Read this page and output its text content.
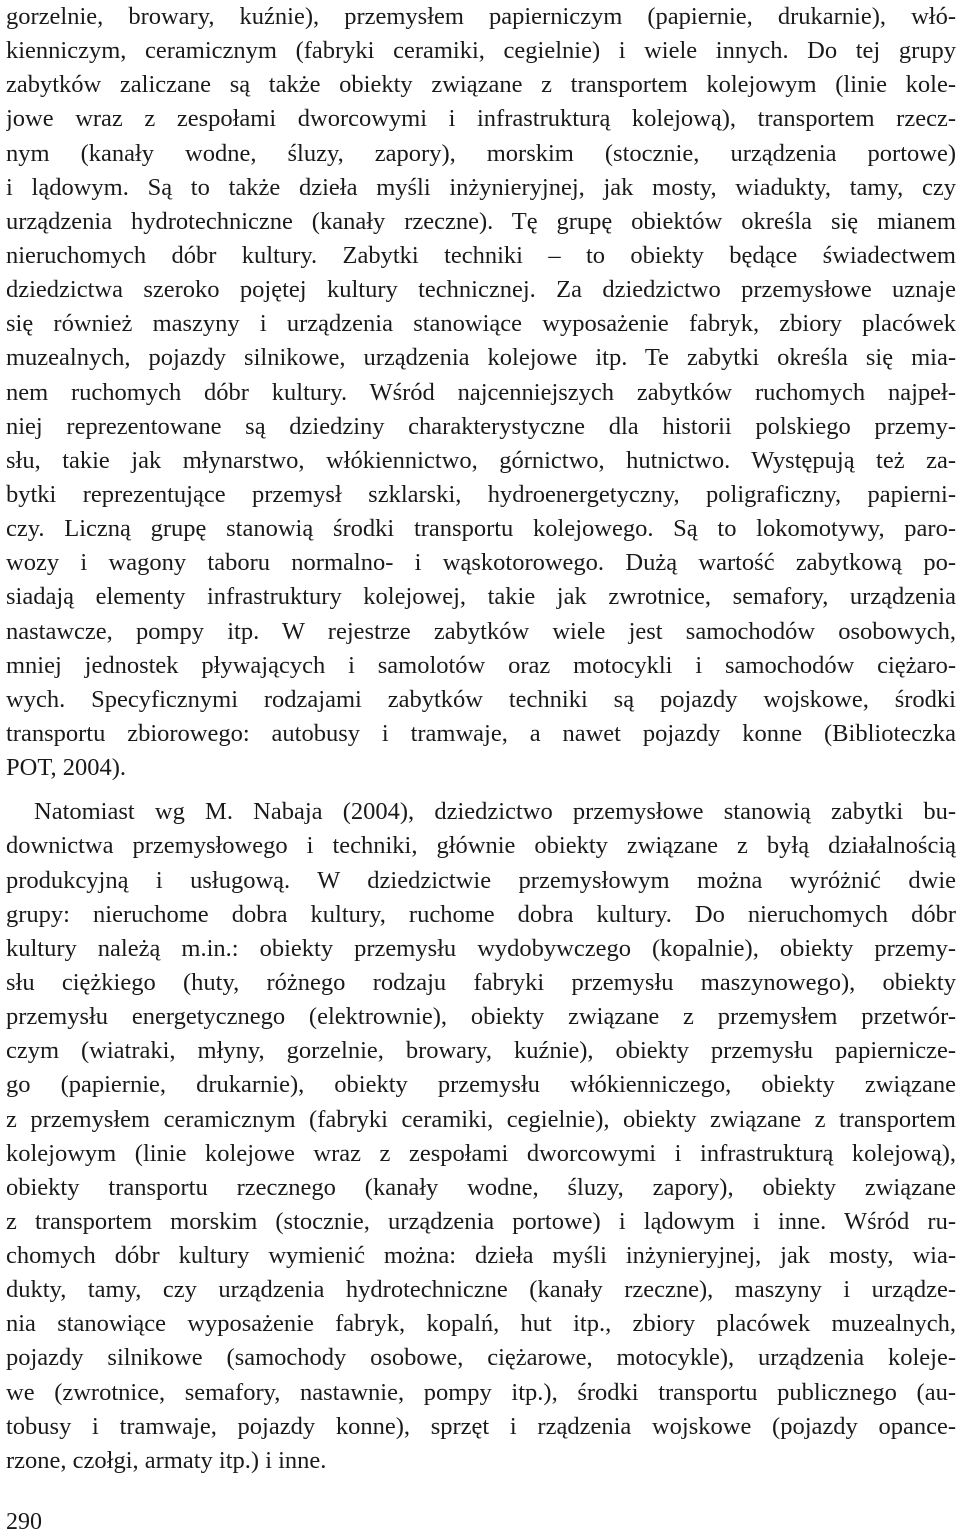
gorzelnie, browary, kuźnie), przemysłem papierniczym (papiernie, drukarnie), włó-
kienniczym, ceramicznym (fabryki ceramiki, cegielnie) i wiele innych. Do tej grupy
zabytków zaliczane są także obiekty związane z transportem kolejowym (linie kole-
jowe wraz z zespołami dworcowymi i infrastrukturą kolejową), transportem rzecz-
nym (kanały wodne, śluzy, zapory), morskim (stocznie, urządzenia portowe)
i lądowym. Są to także dzieła myśli inżynieryjnej, jak mosty, wiadukty, tamy, czy
urządzenia hydrotechniczne (kanały rzeczne). Tę grupę obiektów określa się mianem
nieruchomych dóbr kultury. Zabytki techniki – to obiekty będące świadectwem
dziedzictwa szeroko pojętej kultury technicznej. Za dziedzictwo przemysłowe uznaje
się również maszyny i urządzenia stanowiące wyposażenie fabryk, zbiory placówek
muzealnych, pojazdy silnikowe, urządzenia kolejowe itp. Te zabytki określa się mia-
nem ruchomych dóbr kultury. Wśród najcenniejszych zabytków ruchomych najpeł-
niej reprezentowane są dziedziny charakterystyczne dla historii polskiego przemy-
słu, takie jak młynarstwo, włókiennictwo, górnictwo, hutnictwo. Występują też za-
bytki reprezentujące przemysł szklarski, hydroenergetyczny, poligraficzny, papierni-
czy. Liczną grupę stanowią środki transportu kolejowego. Są to lokomotywy, paro-
wozy i wagony taboru normalno- i wąskotorowego. Dużą wartość zabytkową po-
siadają elementy infrastruktury kolejowej, takie jak zwrotnice, semafory, urządzenia
nastawcze, pompy itp. W rejestrze zabytków wiele jest samochodów osobowych,
mniej jednostek pływających i samolotów oraz motocykli i samochodów ciężaro-
wych. Specyficznymi rodzajami zabytków techniki są pojazdy wojskowe, środki
transportu zbiorowego: autobusy i tramwaje, a nawet pojazdy konne (Biblioteczka
POT, 2004).
Natomiast wg M. Nabaja (2004), dziedzictwo przemysłowe stanowią zabytki bu-
downictwa przemysłowego i techniki, głównie obiekty związane z byłą działalnością
produkcyjną i usługową. W dziedzictwie przemysłowym można wyróżnić dwie
grupy: nieruchome dobra kultury, ruchome dobra kultury. Do nieruchomych dóbr
kultury należą m.in.: obiekty przemysłu wydobywczego (kopalnie), obiekty przemy-
słu ciężkiego (huty, różnego rodzaju fabryki przemysłu maszynowego), obiekty
przemysłu energetycznego (elektrownie), obiekty związane z przemysłem przetwór-
czym (wiatraki, młyny, gorzelnie, browary, kuźnie), obiekty przemysłu papiernicze-
go (papiernie, drukarnie), obiekty przemysłu włókienniczego, obiekty związane
z przemysłem ceramicznym (fabryki ceramiki, cegielnie), obiekty związane z transportem
kolejowym (linie kolejowe wraz z zespołami dworcowymi i infrastrukturą kolejową),
obiekty transportu rzecznego (kanały wodne, śluzy, zapory), obiekty związane
z transportem morskim (stocznie, urządzenia portowe) i lądowym i inne. Wśród ru-
chomych dóbr kultury wymienić można: dzieła myśli inżynieryjnej, jak mosty, wia-
dukty, tamy, czy urządzenia hydrotechniczne (kanały rzeczne), maszyny i urządze-
nia stanowiące wyposażenie fabryk, kopalń, hut itp., zbiory placówek muzealnych,
pojazdy silnikowe (samochody osobowe, ciężarowe, motocykle), urządzenia koleje-
we (zwrotnice, semafory, nastawnie, pompy itp.), środki transportu publicznego (au-
tobusy i tramwaje, pojazdy konne), sprzęt i rządzenia wojskowe (pojazdy opance-
rzone, czołgi, armaty itp.) i inne.
290
